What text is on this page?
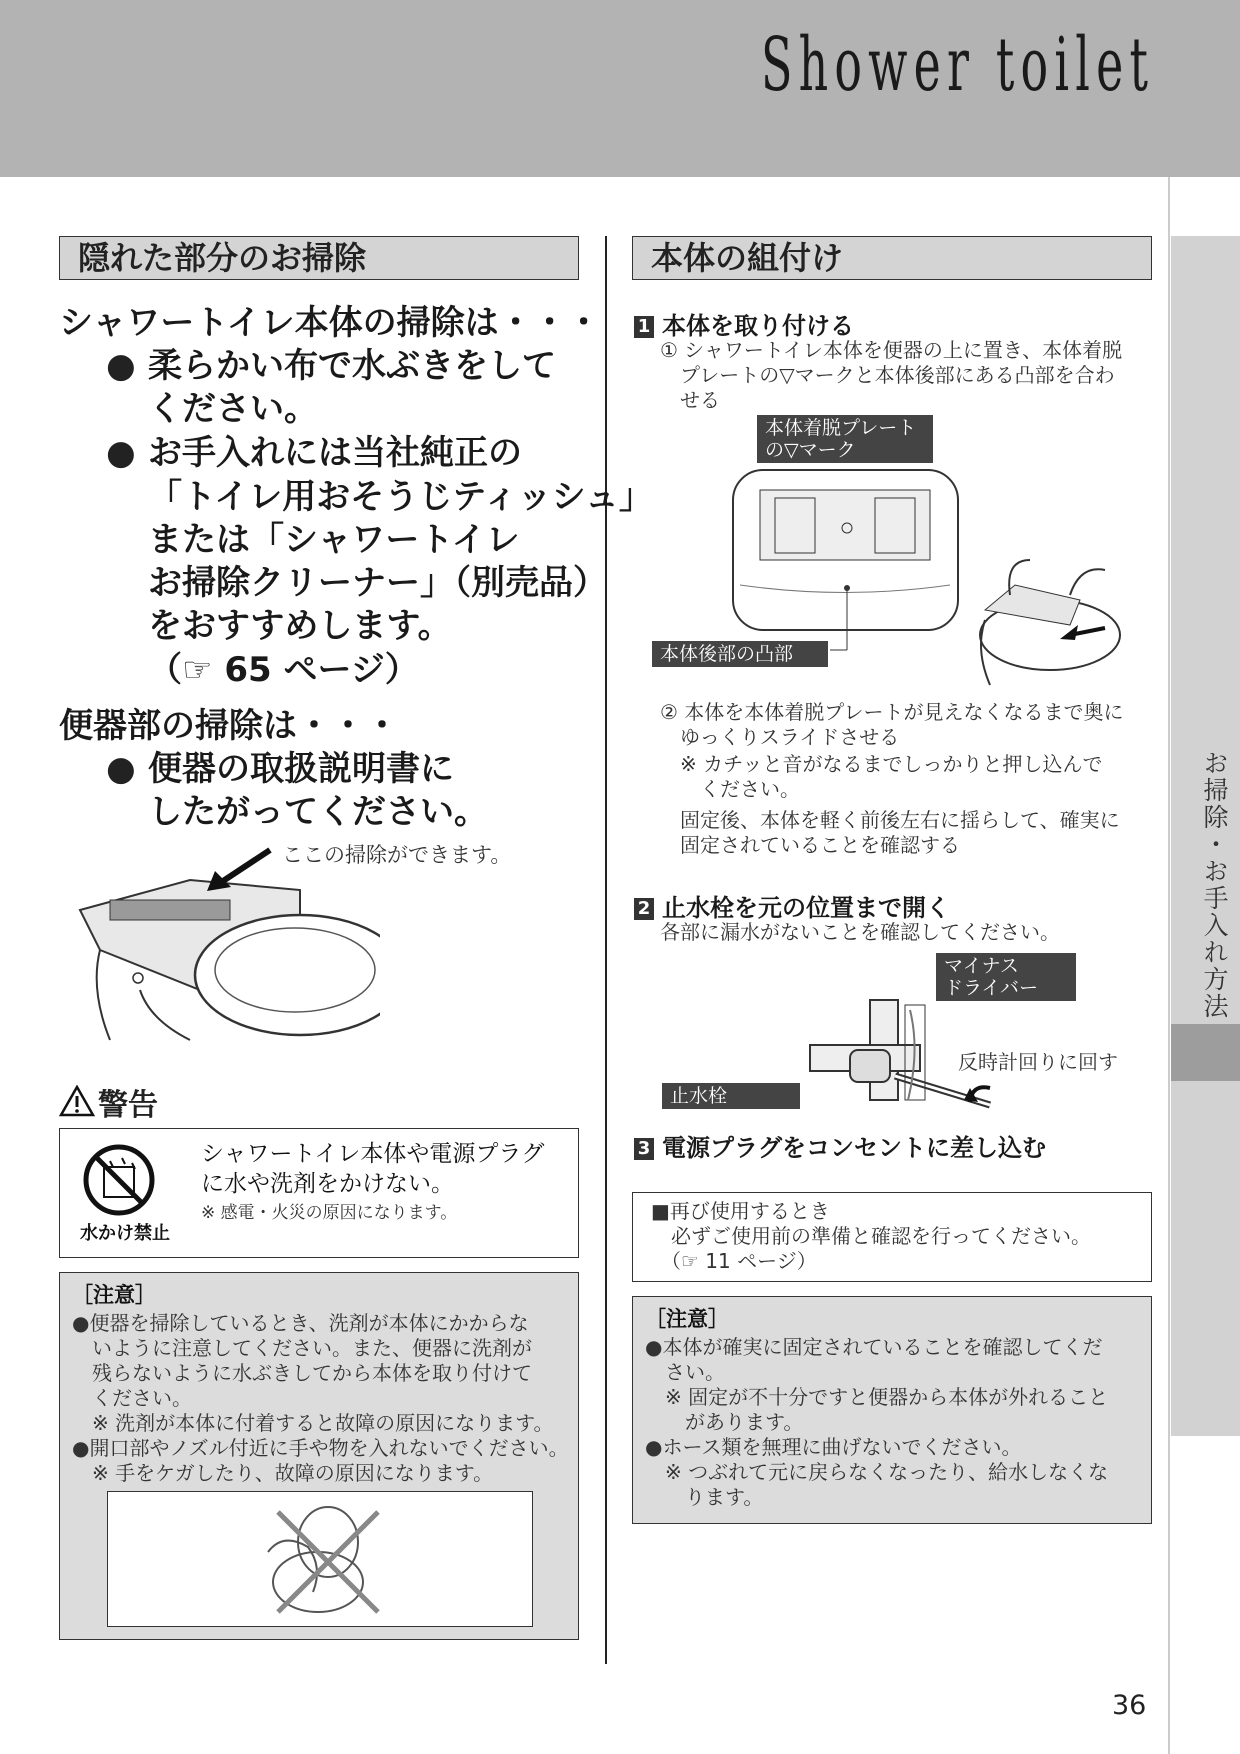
Shower toilet
お掃除・お手入れ方法
隠れた部分のお掃除
シャワートイレ本体の掃除は・・・
● 柔らかい布で水ぶきをして
ください。
● お手入れには当社純正の
「トイレ用おそうじティッシュ」
または「シャワートイレ
お掃除クリーナー」（別売品）
をおすすめします。
（☞ 65 ページ）
便器部の掃除は・・・
● 便器の取扱説明書に
したがってください。
ここの掃除ができます。
警告
水かけ禁止
シャワートイレ本体や電源プラグ
に水や洗剤をかけない。
※ 感電・火災の原因になります。
［注意］
●便器を掃除しているとき、洗剤が本体にかからな
　いように注意してください。また、便器に洗剤が
　残らないように水ぶきしてから本体を取り付けて
　ください。
　※ 洗剤が本体に付着すると故障の原因になります。
●開口部やノズル付近に手や物を入れないでください。
　※ 手をケガしたり、故障の原因になります。
本体の組付け
1 本体を取り付ける
① シャワートイレ本体を便器の上に置き、本体着脱
　プレートの▽マークと本体後部にある凸部を合わ
　せる
本体着脱プレート
の▽マーク
本体後部の凸部
② 本体を本体着脱プレートが見えなくなるまで奥に
　ゆっくりスライドさせる
　※ カチッと音がなるまでしっかりと押し込んで
　　ください。
　固定後、本体を軽く前後左右に揺らして、確実に
　固定されていることを確認する
2 止水栓を元の位置まで開く
各部に漏水がないことを確認してください。
マイナス
ドライバー
反時計回りに回す
止水栓
3 電源プラグをコンセントに差し込む
■再び使用するとき
　必ずご使用前の準備と確認を行ってください。
　（☞ 11 ページ）
［注意］
●本体が確実に固定されていることを確認してくだ
　さい。
　※ 固定が不十分ですと便器から本体が外れること
　　があります。
●ホース類を無理に曲げないでください。
　※ つぶれて元に戻らなくなったり、給水しなくな
　　ります。
36
